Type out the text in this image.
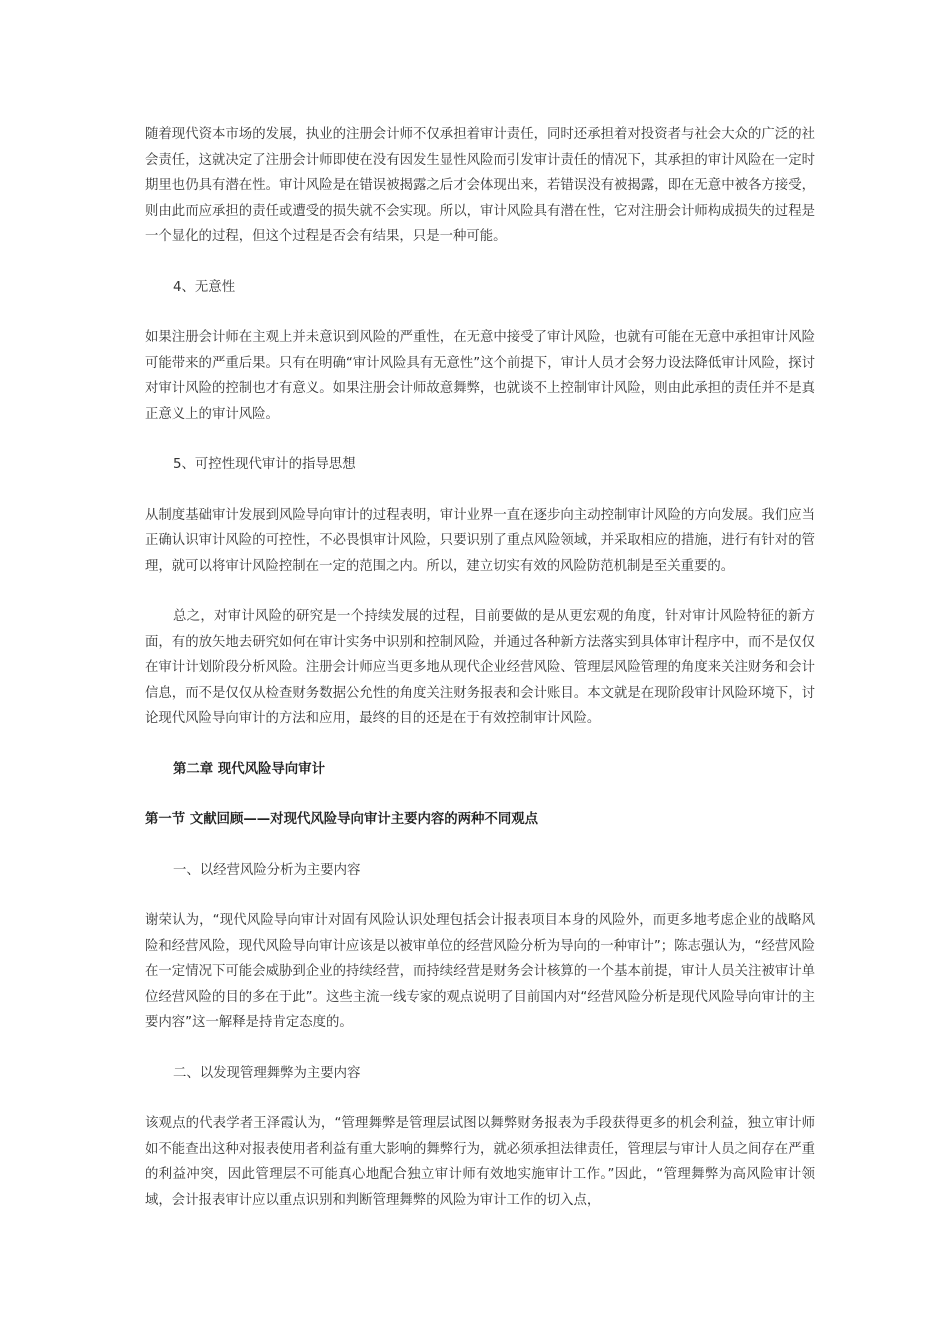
随着现代资本市场的发展，执业的注册会计师不仅承担着审计责任，同时还承担着对投资者与社会大众的广泛的社会责任，这就决定了注册会计师即使在没有因发生显性风险而引发审计责任的情况下，其承担的审计风险在一定时期里也仍具有潜在性。审计风险是在错误被揭露之后才会体现出来，若错误没有被揭露，即在无意中被各方接受，则由此而应承担的责任或遭受的损失就不会实现。所以，审计风险具有潜在性，它对注册会计师构成损失的过程是一个显化的过程，但这个过程是否会有结果，只是一种可能。

4、无意性

如果注册会计师在主观上并未意识到风险的严重性，在无意中接受了审计风险，也就有可能在无意中承担审计风险可能带来的严重后果。只有在明确“审计风险具有无意性”这个前提下，审计人员才会努力设法降低审计风险，探讨对审计风险的控制也才有意义。如果注册会计师故意舞弊，也就谈不上控制审计风险，则由此承担的责任并不是真正意义上的审计风险。

5、可控性现代审计的指导思想

从制度基础审计发展到风险导向审计的过程表明，审计业界一直在逐步向主动控制审计风险的方向发展。我们应当正确认识审计风险的可控性，不必畏惧审计风险，只要识别了重点风险领域，并采取相应的措施，进行有针对的管理，就可以将审计风险控制在一定的范围之内。所以，建立切实有效的风险防范机制是至关重要的。

总之，对审计风险的研究是一个持续发展的过程，目前要做的是从更宏观的角度，针对审计风险特征的新方面，有的放矢地去研究如何在审计实务中识别和控制风险，并通过各种新方法落实到具体审计程序中，而不是仅仅在审计计划阶段分析风险。注册会计师应当更多地从现代企业经营风险、管理层风险管理的角度来关注财务和会计信息，而不是仅仅从检查财务数据公允性的角度关注财务报表和会计账目。本文就是在现阶段审计风险环境下，讨论现代风险导向审计的方法和应用，最终的目的还是在于有效控制审计风险。

第二章 现代风险导向审计

第一节 文献回顾——对现代风险导向审计主要内容的两种不同观点

一、以经营风险分析为主要内容

谢荣认为，“现代风险导向审计对固有风险认识处理包括会计报表项目本身的风险外，而更多地考虑企业的战略风险和经营风险，现代风险导向审计应该是以被审单位的经营风险分析为导向的一种审计”；陈志强认为，“经营风险在一定情况下可能会威胁到企业的持续经营，而持续经营是财务会计核算的一个基本前提，审计人员关注被审计单位经营风险的目的多在于此”。这些主流一线专家的观点说明了目前国内对“经营风险分析是现代风险导向审计的主要内容”这一解释是持肯定态度的。

二、以发现管理舞弊为主要内容

该观点的代表学者王泽霞认为，“管理舞弊是管理层试图以舞弊财务报表为手段获得更多的机会利益，独立审计师如不能查出这种对报表使用者利益有重大影响的舞弊行为，就必须承担法律责任，管理层与审计人员之间存在严重的利益冲突，因此管理层不可能真心地配合独立审计师有效地实施审计工作。”因此，“管理舞弊为高风险审计领域，会计报表审计应以重点识别和判断管理舞弊的风险为审计工作的切入点，
